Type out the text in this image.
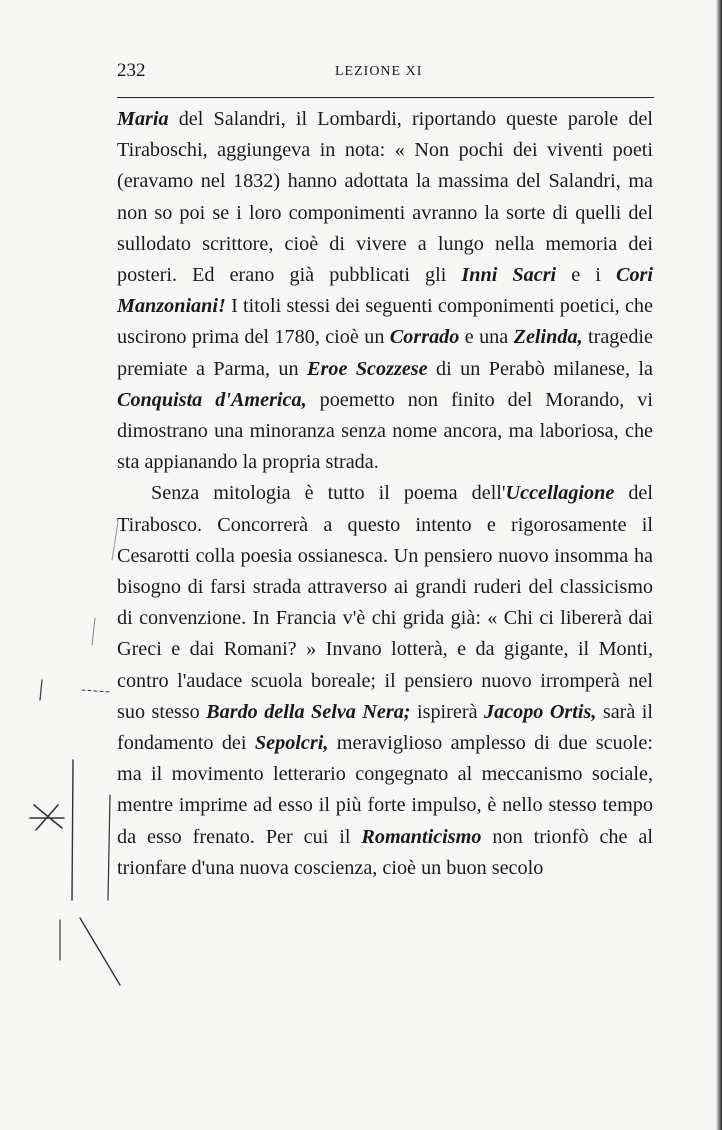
232	LEZIONE XI

Maria del Salandri, il Lombardi, riportando queste parole del Tiraboschi, aggiungeva in nota: « Non pochi dei viventi poeti (eravamo nel 1832) hanno adottata la massima del Salandri, ma non so poi se i loro componimenti avranno la sorte di quelli del sullodato scrittore, cioè di vivere a lungo nella memoria dei posteri. Ed erano già pubblicati gli Inni Sacri e i Cori Manzoniani! I titoli stessi dei seguenti componimenti poetici, che uscirono prima del 1780, cioè un Corrado e una Zelinda, tragedie premiate a Parma, un Eroe Scozzese di un Perabò milanese, la Conquista d'America, poemetto non finito del Morando, vi dimostrano una minoranza senza nome ancora, ma laboriosa, che sta appianando la propria strada.

Senza mitologia è tutto il poema dell'Uccellagione del Tirabosco. Concorrerà a questo intento e rigorosamente il Cesarotti colla poesia ossianesca. Un pensiero nuovo insomma ha bisogno di farsi strada attraverso ai grandi ruderi del classicismo di convenzione. In Francia v'è chi grida già: « Chi ci libererà dai Greci e dai Romani? » Invano lotterà, e da gigante, il Monti, contro l'audace scuola boreale; il pensiero nuovo irromperà nel suo stesso Bardo della Selva Nera; ispirerà Jacopo Ortis, sarà il fondamento dei Sepolcri, meraviglioso amplesso di due scuole: ma il movimento letterario congegnato al meccanismo sociale, mentre imprime ad esso il più forte impulso, è nello stesso tempo da esso frenato. Per cui il Romanticismo non trionfò che al trionfare d'una nuova coscienza, cioè un buon secolo
